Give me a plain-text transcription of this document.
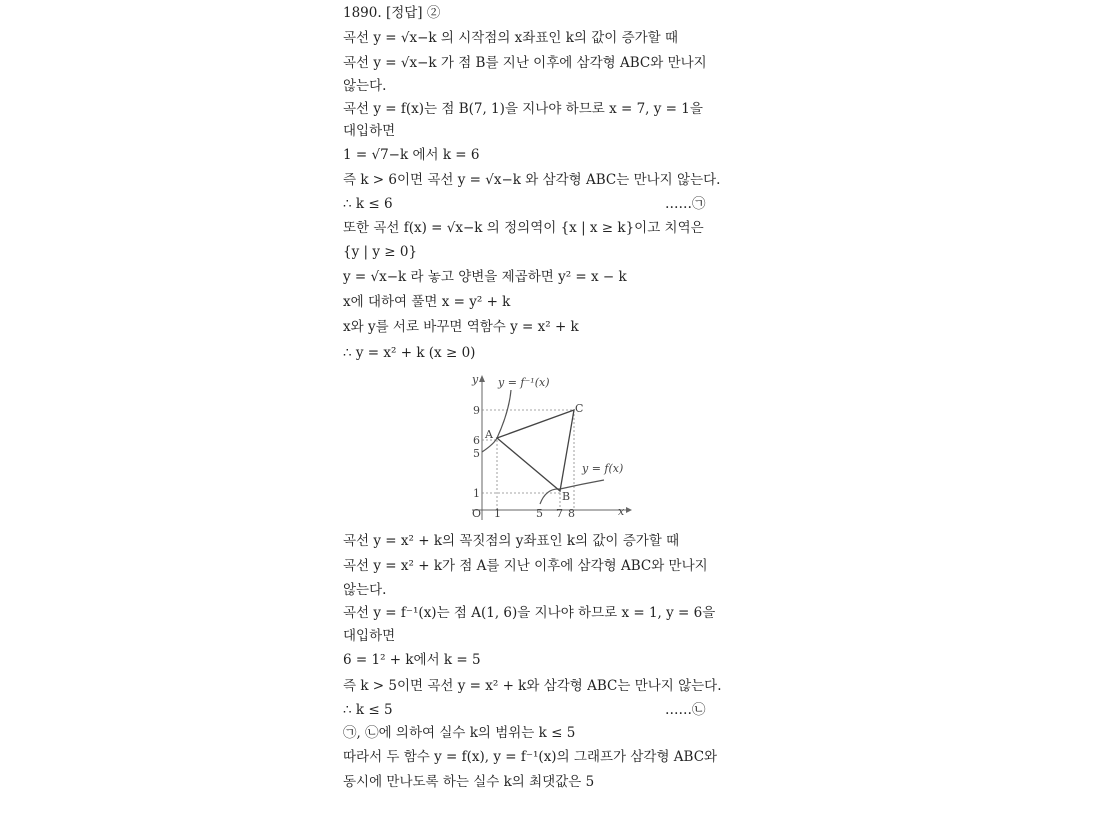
1890. [정답] ②
곡선 y = √x−k 의 시작점의 x좌표인 k의 값이 증가할 때
곡선 y = √x−k 가 점 B를 지난 이후에 삼각형 ABC와 만나지
않는다.
곡선 y = f(x)는 점 B(7, 1)을 지나야 하므로 x = 7, y = 1을
대입하면
1 = √7−k 에서 k = 6
즉 k > 6이면 곡선 y = √x−k 와 삼각형 ABC는 만나지 않는다.
∴ k ≤ 6
또한 곡선 f(x) = √x−k 의 정의역이 {x | x ≥ k}이고 치역은
{y | y ≥ 0}
y = √x−k 라 놓고 양변을 제곱하면 y² = x − k
x에 대하여 풀면 x = y² + k
x와 y를 서로 바꾸면 역함수 y = x² + k
∴ y = x² + k (x ≥ 0)
곡선 y = x² + k의 꼭짓점의 y좌표인 k의 값이 증가할 때
곡선 y = x² + k가 점 A를 지난 이후에 삼각형 ABC와 만나지
않는다.
곡선 y = f⁻¹(x)는 점 A(1, 6)을 지나야 하므로 x = 1, y = 6을
대입하면
6 = 1² + k에서 k = 5
즉 k > 5이면 곡선 y = x² + k와 삼각형 ABC는 만나지 않는다.
∴ k ≤ 5
㉠, ㉡에 의하여 실수 k의 범위는 k ≤ 5
따라서 두 함수 y = f(x), y = f⁻¹(x)의 그래프가 삼각형 ABC와
동시에 만나도록 하는 실수 k의 최댓값은 5
……㉠
……㉡
A
B
C
y = f⁻¹(x)
y = f(x)
y
x
O
9
6
5
1
1	5 7 8
